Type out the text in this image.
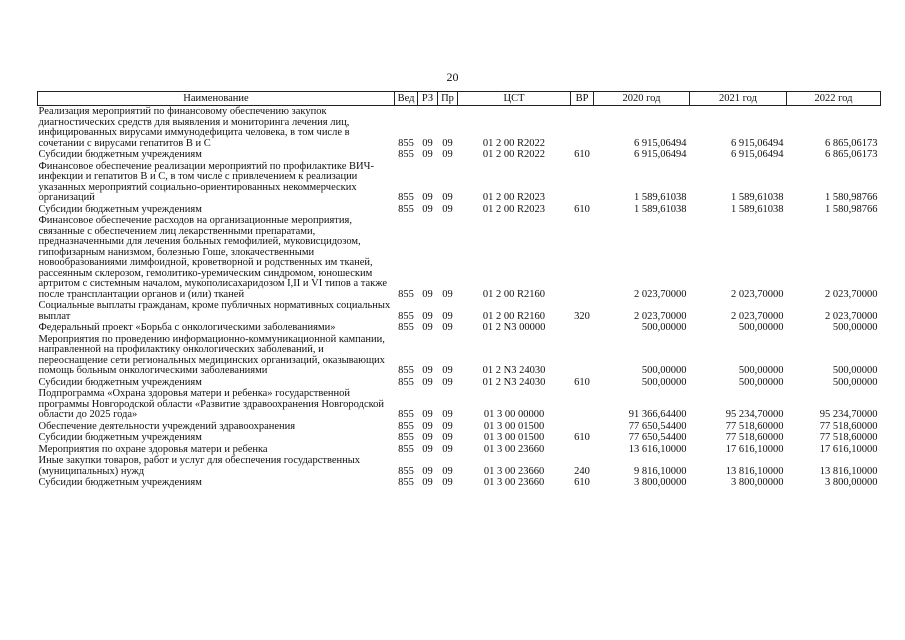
20
Наименование	Вед	РЗ	Пр	ЦСТ	ВР	2020 год	2021 год	2022 год
Реализация мероприятий по финансовому обеспечению закупок диагностических средств для выявления и мониторинга лечения лиц, инфицированных вирусами иммунодефицита человека, в том числе в сочетании с вирусами гепатитов В и С	855	09	09	01 2 00 R2022		6 915,06494	6 915,06494	6 865,06173
Субсидии бюджетным учреждениям	855	09	09	01 2 00 R2022	610	6 915,06494	6 915,06494	6 865,06173
Финансовое обеспечение реализации мероприятий по профилактике ВИЧ-инфекции и гепатитов В и С, в том числе с привлечением к реализации указанных мероприятий социально-ориентированных некоммерческих организаций	855	09	09	01 2 00 R2023		1 589,61038	1 589,61038	1 580,98766
Субсидии бюджетным учреждениям	855	09	09	01 2 00 R2023	610	1 589,61038	1 589,61038	1 580,98766
Финансовое обеспечение расходов на организационные мероприятия, связанные с обеспечением лиц лекарственными препаратами, предназначенными для лечения больных гемофилией, муковисцидозом, гипофизарным нанизмом, болезнью Гоше, злокачественными новообразованиями лимфоидной, кроветворной и родственных им тканей, рассеянным склерозом, гемолитико-уремическим синдромом, юношеским артритом с системным началом, мукополисахаридозом I,II и VI типов а также после трансплантации органов и (или) тканей	855	09	09	01 2 00 R2160		2 023,70000	2 023,70000	2 023,70000
Социальные выплаты гражданам, кроме публичных нормативных социальных выплат	855	09	09	01 2 00 R2160	320	2 023,70000	2 023,70000	2 023,70000
Федеральный проект «Борьба с онкологическими заболеваниями»	855	09	09	01 2 N3 00000		500,00000	500,00000	500,00000
Мероприятия по проведению информационно-коммуникационной кампании, направленной на профилактику онкологических заболеваний, и переоснащение сети региональных медицинских организаций, оказывающих помощь больным онкологическими заболеваниями	855	09	09	01 2 N3 24030		500,00000	500,00000	500,00000
Субсидии бюджетным учреждениям	855	09	09	01 2 N3 24030	610	500,00000	500,00000	500,00000
Подпрограмма «Охрана здоровья матери и ребенка» государственной программы Новгородской области «Развитие здравоохранения Новгородской области до 2025 года»	855	09	09	01 3 00 00000		91 366,64400	95 234,70000	95 234,70000
Обеспечение деятельности учреждений здравоохранения	855	09	09	01 3 00 01500		77 650,54400	77 518,60000	77 518,60000
Субсидии бюджетным учреждениям	855	09	09	01 3 00 01500	610	77 650,54400	77 518,60000	77 518,60000
Мероприятия по охране здоровья матери и ребенка	855	09	09	01 3 00 23660		13 616,10000	17 616,10000	17 616,10000
Иные закупки товаров, работ и услуг для обеспечения государственных (муниципальных) нужд	855	09	09	01 3 00 23660	240	9 816,10000	13 816,10000	13 816,10000
Субсидии бюджетным учреждениям	855	09	09	01 3 00 23660	610	3 800,00000	3 800,00000	3 800,00000
